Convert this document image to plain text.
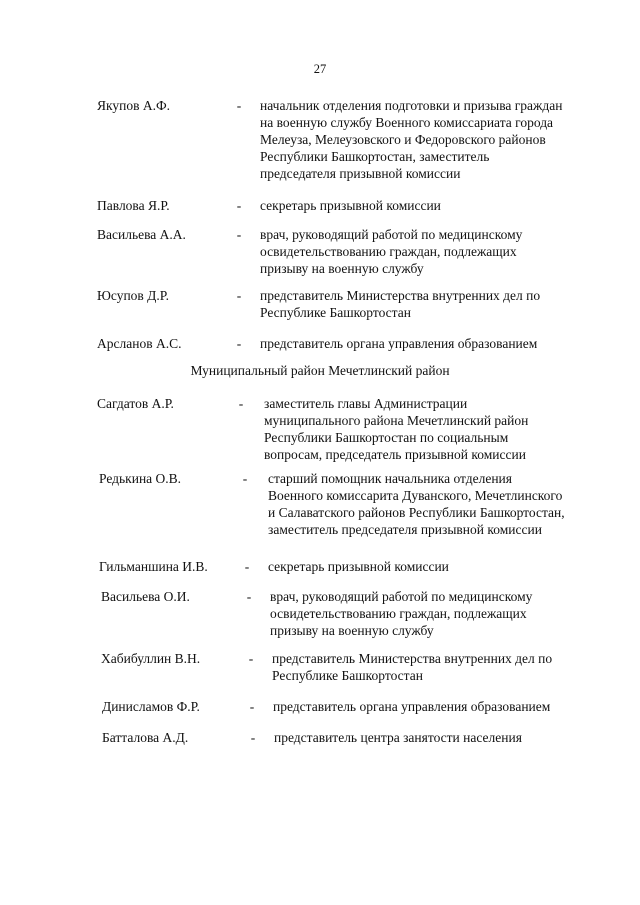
27
Якупов А.Ф.	- начальник отделения подготовки и призыва граждан
на военную службу Военного комиссариата города
Мелеуза, Мелеузовского и Федоровского районов
Республики Башкортостан, заместитель
председателя призывной комиссии
Павлова Я.Р.	- секретарь призывной комиссии
Васильева А.А.	- врач, руководящий работой по медицинскому
освидетельствованию граждан, подлежащих
призыву на военную службу
Юсупов Д.Р.	- представитель Министерства внутренних дел по
Республике Башкортостан
Арсланов А.С.	- представитель органа управления образованием
Муниципальный район Мечетлинский район
Сагдатов А.Р.	- заместитель главы Администрации
муниципального района Мечетлинский район
Республики Башкортостан по социальным
вопросам, председатель призывной комиссии
Редькина О.В.	- старший помощник начальника отделения
Военного комиссарита Дуванского, Мечетлинского
и Салаватского районов Республики Башкортостан,
заместитель председателя призывной комиссии
Гильманшина И.В.	- секретарь призывной комиссии
Васильева О.И.	- врач, руководящий работой по медицинскому
освидетельствованию граждан, подлежащих
призыву на военную службу
Хабибуллин В.Н.	- представитель Министерства внутренних дел по
Республике Башкортостан
Динисламов Ф.Р.	- представитель органа управления образованием
Батталова А.Д.	- представитель центра занятости населения
